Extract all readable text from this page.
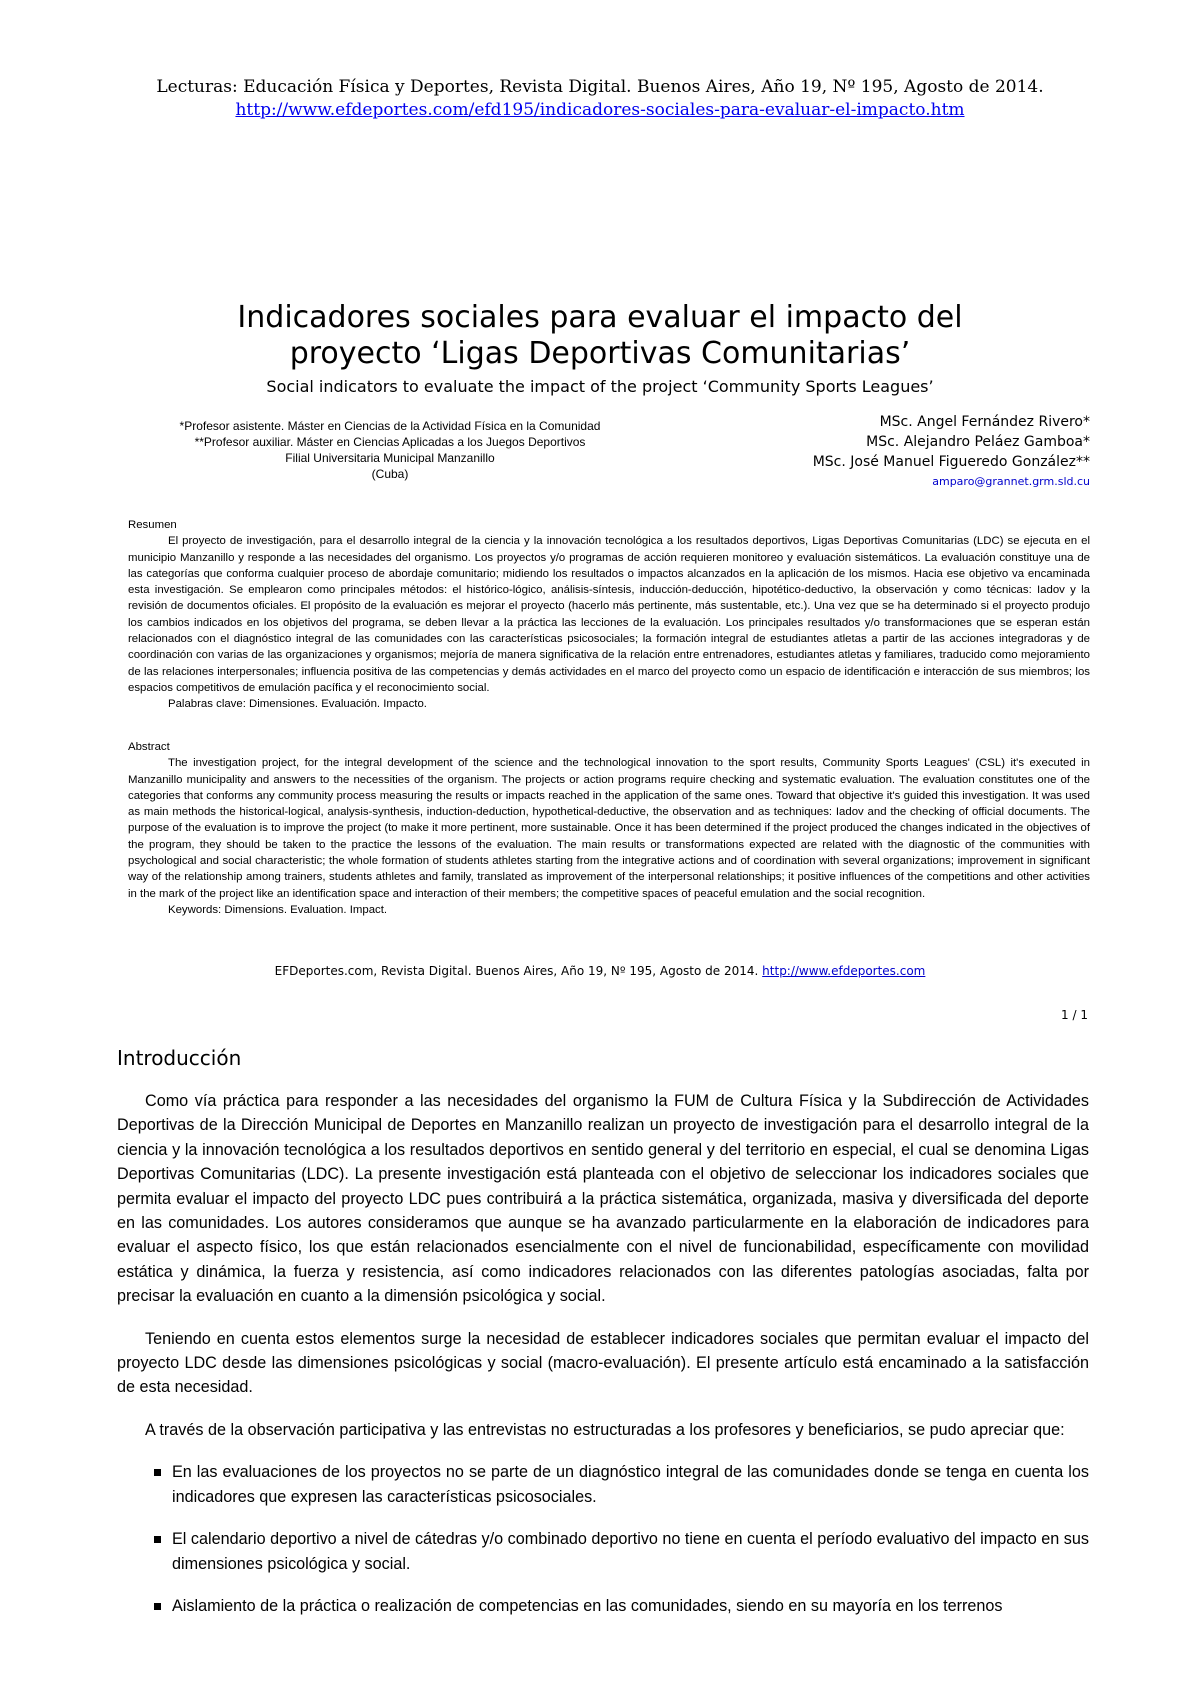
Lecturas: Educación Física y Deportes, Revista Digital. Buenos Aires, Año 19, Nº 195, Agosto de 2014.
http://www.efdeportes.com/efd195/indicadores-sociales-para-evaluar-el-impacto.htm
Indicadores sociales para evaluar el impacto del
proyecto ‘Ligas Deportivas Comunitarias’
Social indicators to evaluate the impact of the project ‘Community Sports Leagues’
*Profesor asistente. Máster en Ciencias de la Actividad Física en la Comunidad
**Profesor auxiliar. Máster en Ciencias Aplicadas a los Juegos Deportivos
Filial Universitaria Municipal Manzanillo
(Cuba)
MSc. Angel Fernández Rivero*
MSc. Alejandro Peláez Gamboa*
MSc. José Manuel Figueredo González**
amparo@grannet.grm.sld.cu

Resumen

El proyecto de investigación, para el desarrollo integral de la ciencia y la innovación tecnológica a los resultados deportivos, Ligas Deportivas Comunitarias (LDC) se ejecuta en el municipio Manzanillo y responde a las necesidades del organismo. Los proyectos y/o programas de acción requieren monitoreo y evaluación sistemáticos. La evaluación constituye una de las categorías que conforma cualquier proceso de abordaje comunitario; midiendo los resultados o impactos alcanzados en la aplicación de los mismos. Hacia ese objetivo va encaminada esta investigación. Se emplearon como principales métodos: el histórico-lógico, análisis-síntesis, inducción-deducción, hipotético-deductivo, la observación y como técnicas: Iadov y la revisión de documentos oficiales. El propósito de la evaluación es mejorar el proyecto (hacerlo más pertinente, más sustentable, etc.). Una vez que se ha determinado si el proyecto produjo los cambios indicados en los objetivos del programa, se deben llevar a la práctica las lecciones de la evaluación. Los principales resultados y/o transformaciones que se esperan están relacionados con el diagnóstico integral de las comunidades con las características psicosociales; la formación integral de estudiantes atletas a partir de las acciones integradoras y de coordinación con varias de las organizaciones y organismos; mejoría de manera significativa de la relación entre entrenadores, estudiantes atletas y familiares, traducido como mejoramiento de las relaciones interpersonales; influencia positiva de las competencias y demás actividades en el marco del proyecto como un espacio de identificación e interacción de sus miembros; los espacios competitivos de emulación pacífica y el reconocimiento social.

Palabras clave: Dimensiones. Evaluación. Impacto.

Abstract

The investigation project, for the integral development of the science and the technological innovation to the sport results, Community Sports Leagues' (CSL) it's executed in Manzanillo municipality and answers to the necessities of the organism. The projects or action programs require checking and systematic evaluation. The evaluation constitutes one of the categories that conforms any community process measuring the results or impacts reached in the application of the same ones. Toward that objective it's guided this investigation. It was used as main methods the historical-logical, analysis-synthesis, induction-deduction, hypothetical-deductive, the observation and as techniques: Iadov and the checking of official documents. The purpose of the evaluation is to improve the project (to make it more pertinent, more sustainable. Once it has been determined if the project produced the changes indicated in the objectives of the program, they should be taken to the practice the lessons of the evaluation. The main results or transformations expected are related with the diagnostic of the communities with psychological and social characteristic; the whole formation of students athletes starting from the integrative actions and of coordination with several organizations; improvement in significant way of the relationship among trainers, students athletes and family, translated as improvement of the interpersonal relationships; it positive influences of the competitions and other activities in the mark of the project like an identification space and interaction of their members; the competitive spaces of peaceful emulation and the social recognition.

Keywords: Dimensions. Evaluation. Impact.

EFDeportes.com, Revista Digital. Buenos Aires, Año 19, Nº 195, Agosto de 2014. http://www.efdeportes.com
1 / 1
Introducción

Como vía práctica para responder a las necesidades del organismo la FUM de Cultura Física y la Subdirección de Actividades Deportivas de la Dirección Municipal de Deportes en Manzanillo realizan un proyecto de investigación para el desarrollo integral de la ciencia y la innovación tecnológica a los resultados deportivos en sentido general y del territorio en especial, el cual se denomina Ligas Deportivas Comunitarias (LDC). La presente investigación está planteada con el objetivo de seleccionar los indicadores sociales que permita evaluar el impacto del proyecto LDC pues contribuirá a la práctica sistemática, organizada, masiva y diversificada del deporte en las comunidades. Los autores consideramos que aunque se ha avanzado particularmente en la elaboración de indicadores para evaluar el aspecto físico, los que están relacionados esencialmente con el nivel de funcionabilidad, específicamente con movilidad estática y dinámica, la fuerza y resistencia, así como indicadores relacionados con las diferentes patologías asociadas, falta por precisar la evaluación en cuanto a la dimensión psicológica y social.

Teniendo en cuenta estos elementos surge la necesidad de establecer indicadores sociales que permitan evaluar el impacto del proyecto LDC desde las dimensiones psicológicas y social (macro-evaluación). El presente artículo está encaminado a la satisfacción de esta necesidad.

A través de la observación participativa y las entrevistas no estructuradas a los profesores y beneficiarios, se pudo apreciar que:

En las evaluaciones de los proyectos no se parte de un diagnóstico integral de las comunidades donde se tenga en cuenta los indicadores que expresen las características psicosociales.
El calendario deportivo a nivel de cátedras y/o combinado deportivo no tiene en cuenta el período evaluativo del impacto en sus dimensiones psicológica y social.
Aislamiento de la práctica o realización de competencias en las comunidades, siendo en su mayoría en los terrenos
